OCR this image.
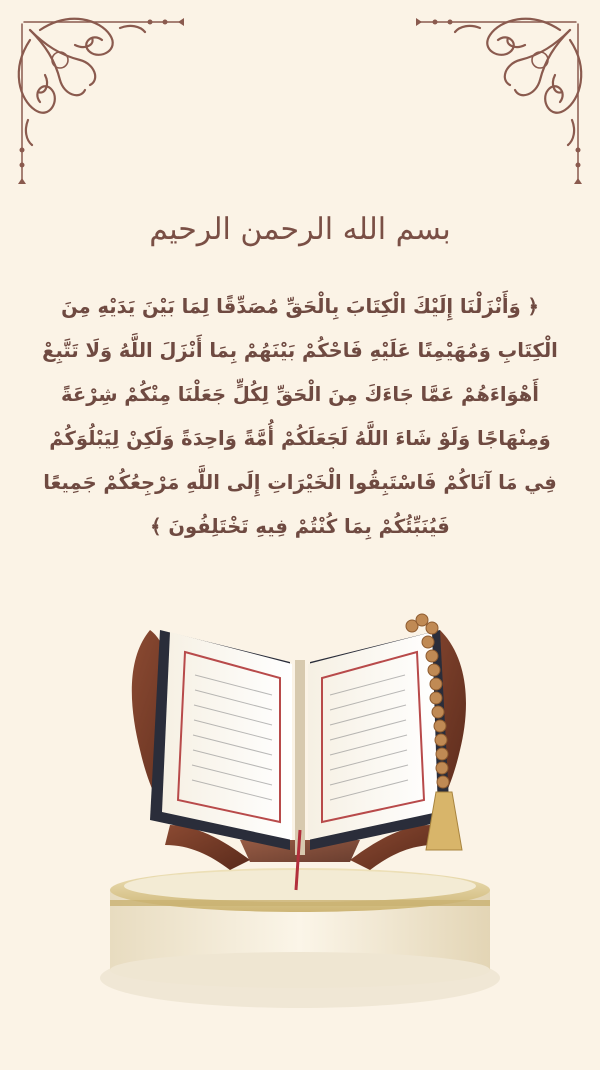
بسم الله الرحمن الرحيم
﴿ وَأَنْزَلْنَا إِلَيْكَ الْكِتَابَ بِالْحَقِّ مُصَدِّقًا لِمَا بَيْنَ يَدَيْهِ مِنَ الْكِتَابِ وَمُهَيْمِنًا عَلَيْهِ فَاحْكُمْ بَيْنَهُمْ بِمَا أَنْزَلَ اللَّهُ وَلَا تَتَّبِعْ أَهْوَاءَهُمْ عَمَّا جَاءَكَ مِنَ الْحَقِّ لِكُلٍّ جَعَلْنَا مِنْكُمْ شِرْعَةً وَمِنْهَاجًا وَلَوْ شَاءَ اللَّهُ لَجَعَلَكُمْ أُمَّةً وَاحِدَةً وَلَكِنْ لِيَبْلُوَكُمْ فِي مَا آتَاكُمْ فَاسْتَبِقُوا الْخَيْرَاتِ إِلَى اللَّهِ مَرْجِعُكُمْ جَمِيعًا فَيُنَبِّئُكُمْ بِمَا كُنْتُمْ فِيهِ تَخْتَلِفُونَ ﴾
